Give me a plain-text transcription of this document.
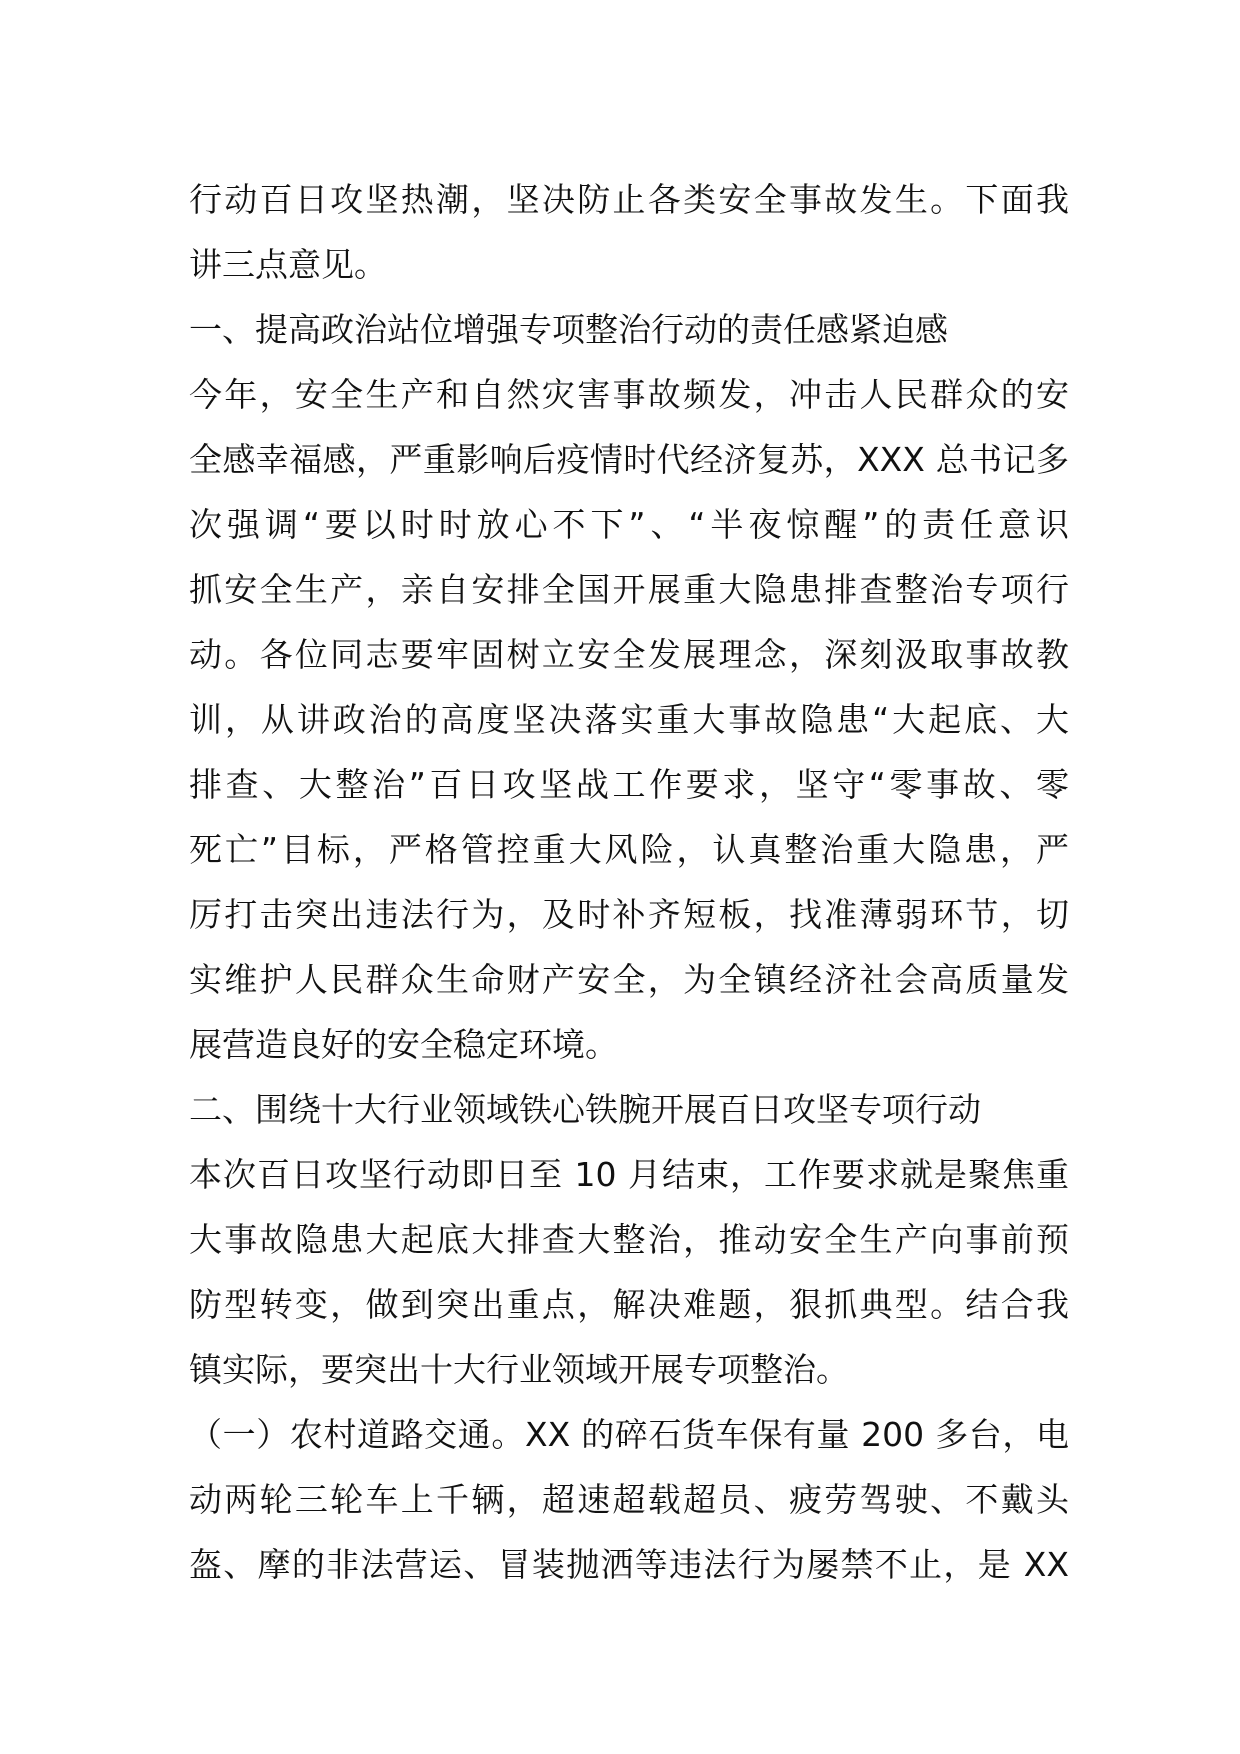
行动百日攻坚热潮，坚决防止各类安全事故发生。下面我
讲三点意见。
一、提高政治站位增强专项整治行动的责任感紧迫感
今年，安全生产和自然灾害事故频发，冲击人民群众的安
全感幸福感，严重影响后疫情时代经济复苏，XXX 总书记多
次强调“要以时时放心不下”、“半夜惊醒”的责任意识
抓安全生产，亲自安排全国开展重大隐患排查整治专项行
动。各位同志要牢固树立安全发展理念，深刻汲取事故教
训，从讲政治的高度坚决落实重大事故隐患“大起底、大
排查、大整治”百日攻坚战工作要求，坚守“零事故、零
死亡”目标，严格管控重大风险，认真整治重大隐患，严
厉打击突出违法行为，及时补齐短板，找准薄弱环节，切
实维护人民群众生命财产安全，为全镇经济社会高质量发
展营造良好的安全稳定环境。
二、围绕十大行业领域铁心铁腕开展百日攻坚专项行动
本次百日攻坚行动即日至 10 月结束，工作要求就是聚焦重
大事故隐患大起底大排查大整治，推动安全生产向事前预
防型转变，做到突出重点，解决难题，狠抓典型。结合我
镇实际，要突出十大行业领域开展专项整治。
（一）农村道路交通。XX 的碎石货车保有量 200 多台，电
动两轮三轮车上千辆，超速超载超员、疲劳驾驶、不戴头
盔、摩的非法营运、冒装抛洒等违法行为屡禁不止，是 XX
